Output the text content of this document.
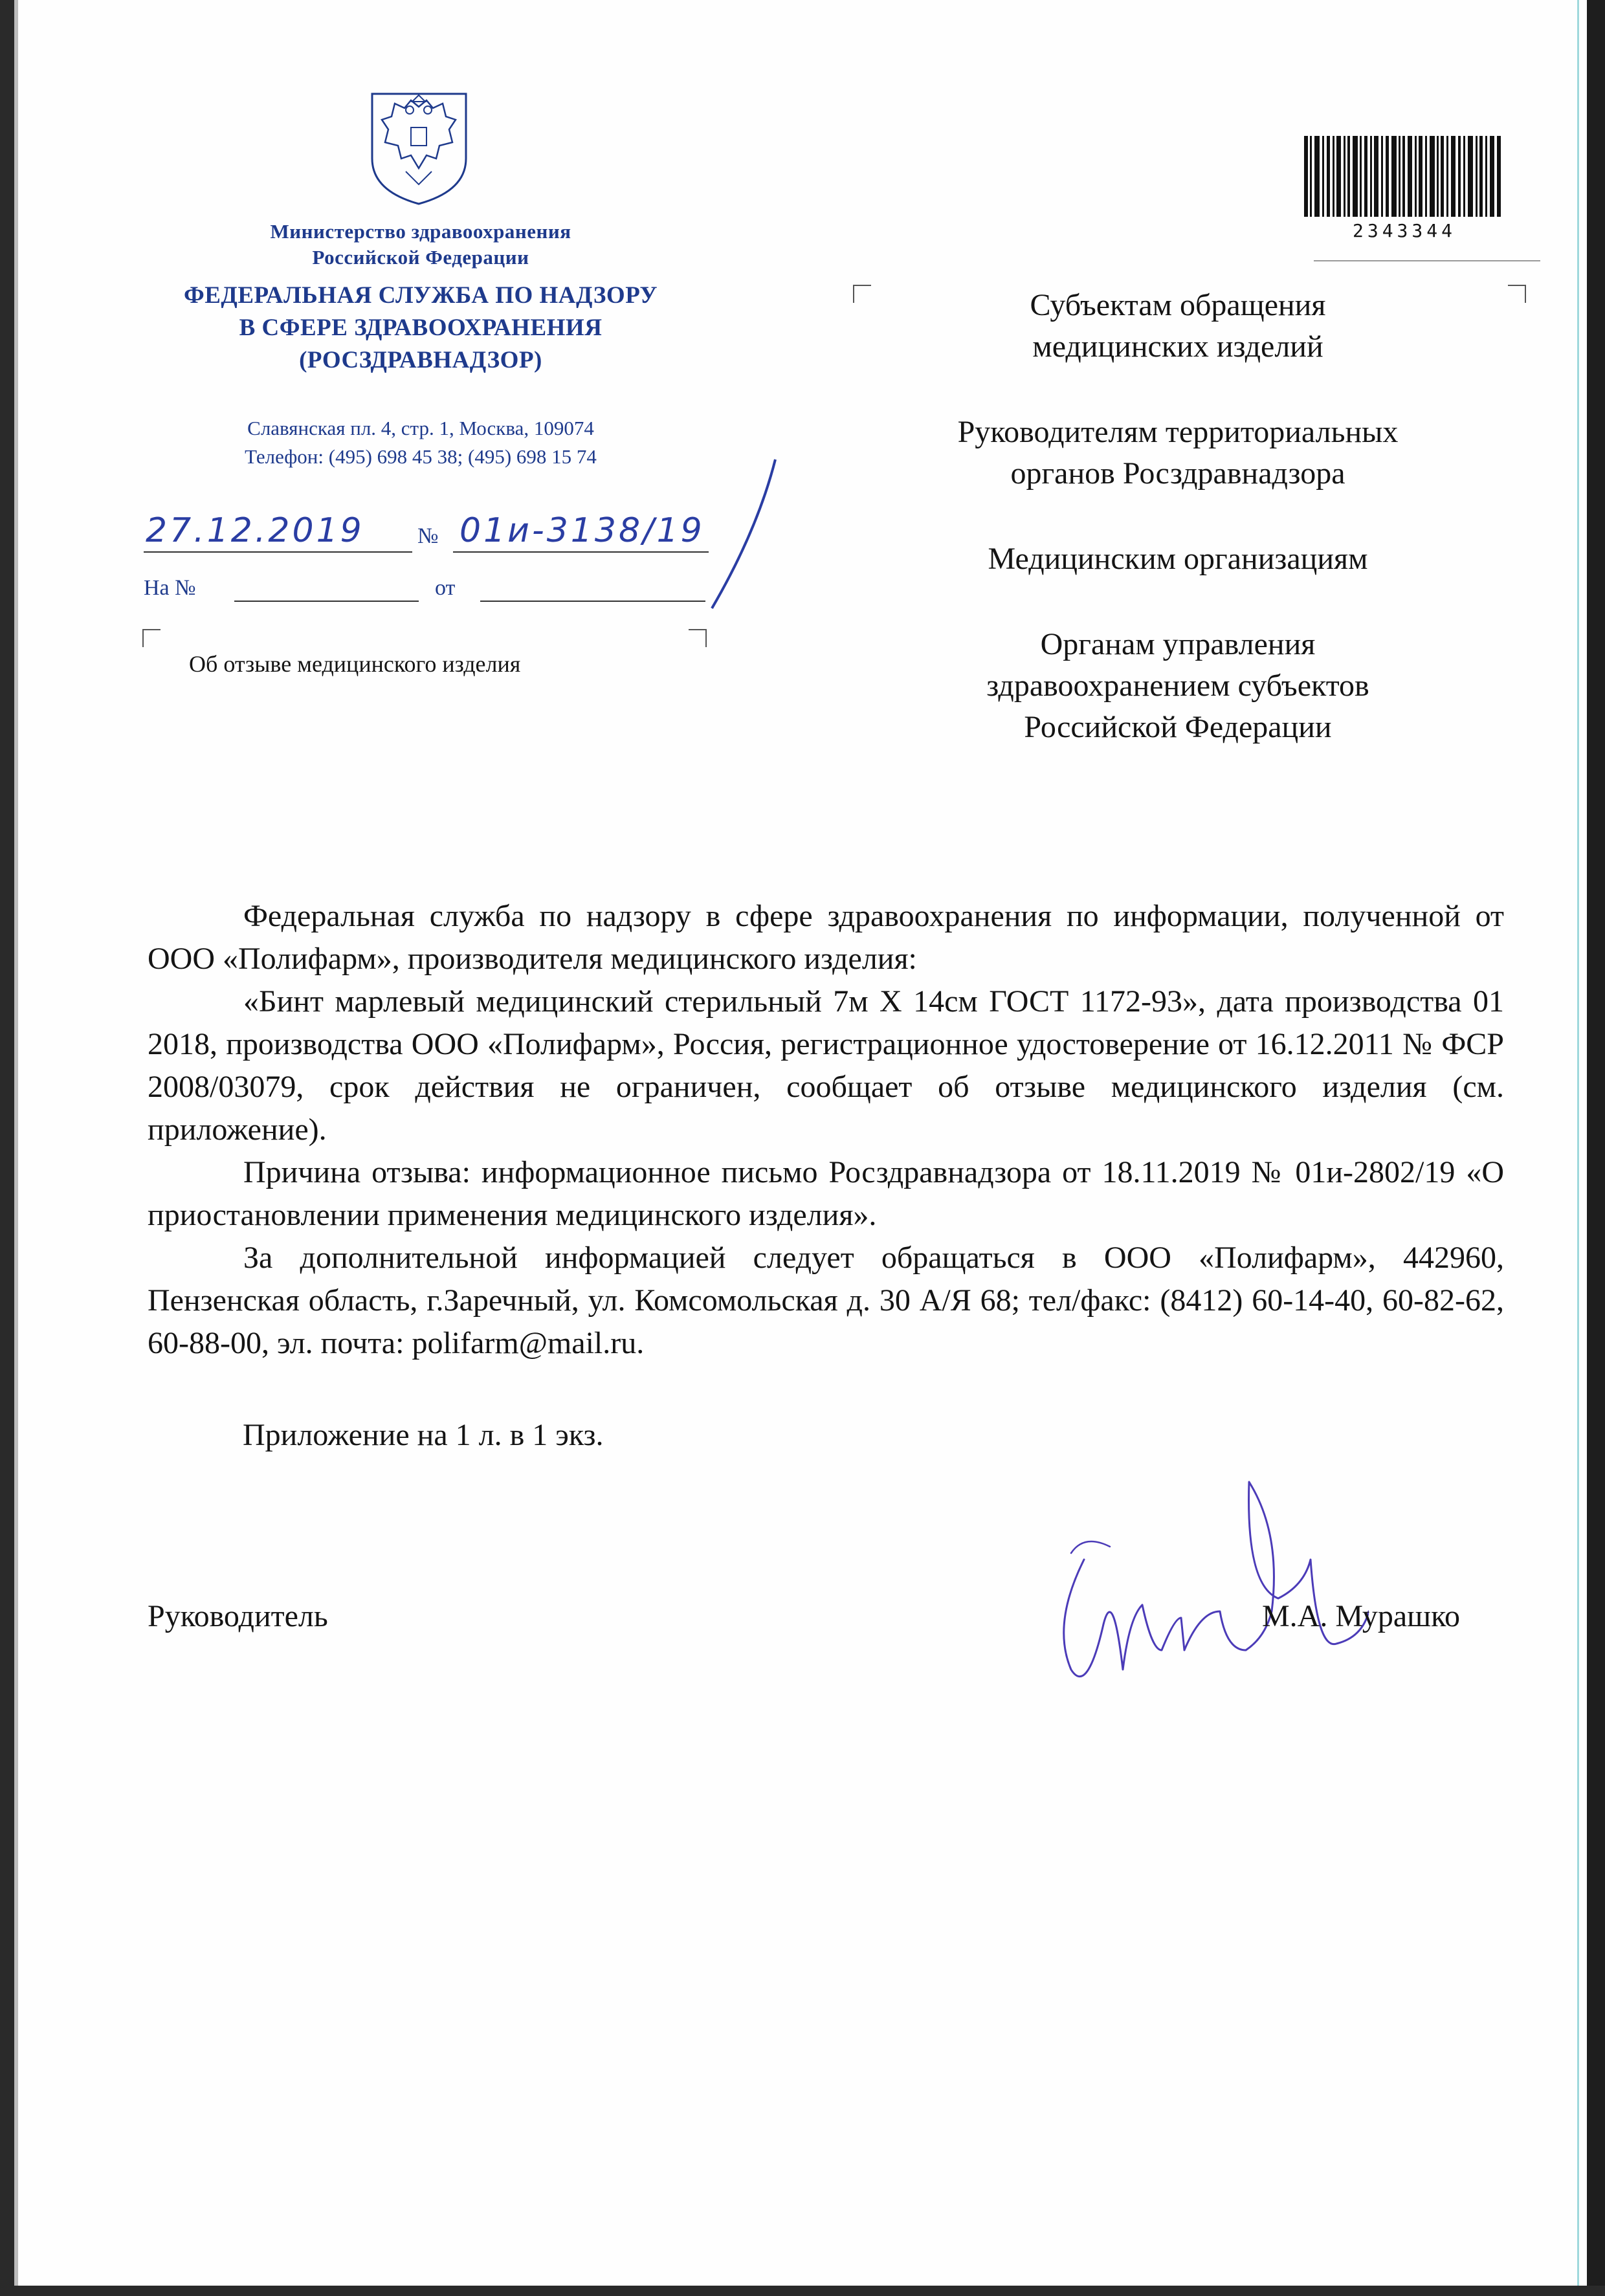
Министерство здравоохранения
Российской Федерации
ФЕДЕРАЛЬНАЯ СЛУЖБА ПО НАДЗОРУ
В СФЕРЕ ЗДРАВООХРАНЕНИЯ
(РОСЗДРАВНАДЗОР)
Славянская пл. 4, стр. 1, Москва, 109074
Телефон: (495) 698 45 38; (495) 698 15 74
27.12.2019 № 01и-3138/19
На №	от
Об отзыве медицинского изделия
2343344
Субъектам обращения
медицинских изделий
Руководителям территориальных
органов Росздравнадзора
Медицинским организациям
Органам управления
здравоохранением субъектов
Российской Федерации

Федеральная служба по надзору в сфере здравоохранения по информации, полученной от ООО «Полифарм», производителя медицинского изделия:

«Бинт марлевый медицинский стерильный 7м Х 14см ГОСТ 1172-93», дата производства 01 2018, производства ООО «Полифарм», Россия, регистрационное удостоверение от 16.12.2011 № ФСР 2008/03079, срок действия не ограничен, сообщает об отзыве медицинского изделия (см. приложение).

Причина отзыва: информационное письмо Росздравнадзора от 18.11.2019 № 01и-2802/19 «О приостановлении применения медицинского изделия».

За дополнительной информацией следует обращаться в ООО «Полифарм», 442960, Пензенская область, г.Заречный, ул. Комсомольская д. 30 А/Я 68; тел/факс: (8412) 60-14-40, 60-82-62, 60-88-00, эл. почта: polifarm@mail.ru.

Приложение на 1 л. в 1 экз.
Руководитель	М.А. Мурашко
